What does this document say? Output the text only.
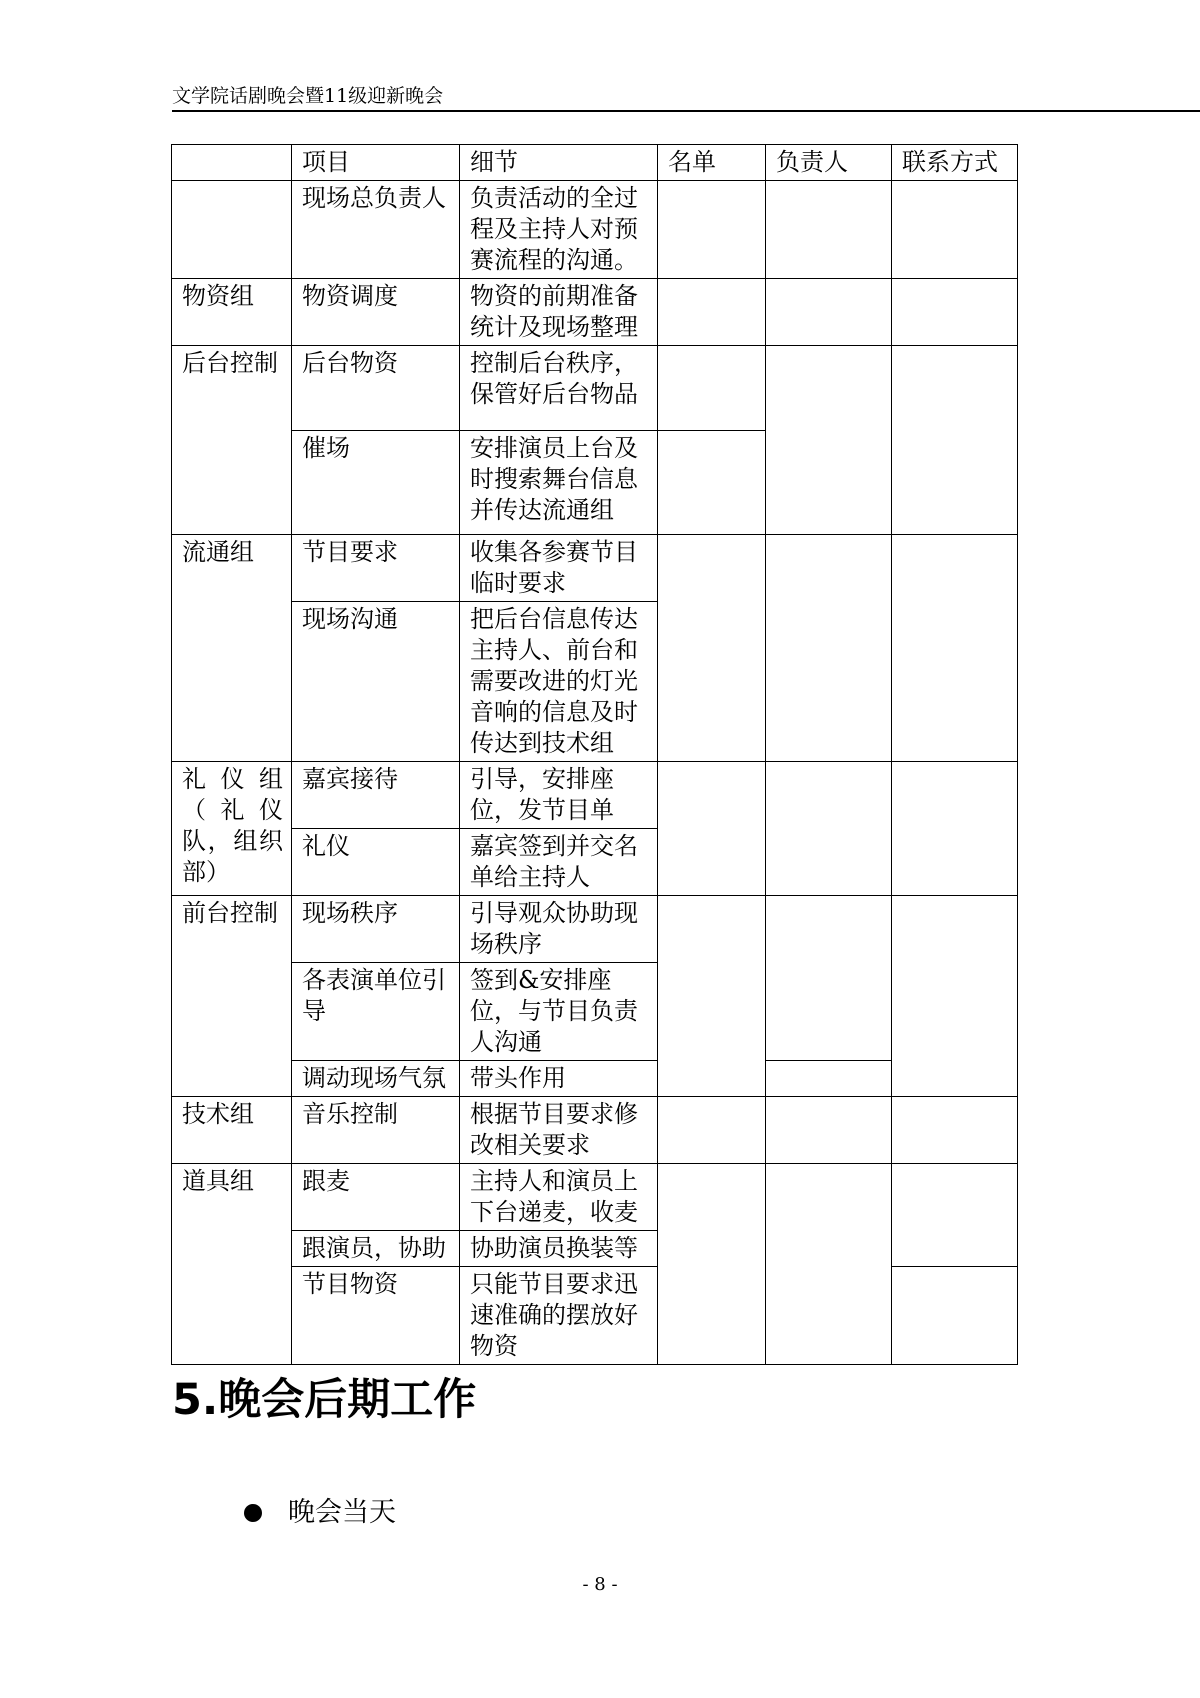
文学院话剧晚会暨11级迎新晚会
	项目	细节	名单	负责人	联系方式
	现场总负责人	负责活动的全过程及主持人对预赛流程的沟通。			
物资组	物资调度	物资的前期准备统计及现场整理			
后台控制	后台物资	控制后台秩序，保管好后台物品			
	催场	安排演员上台及时搜索舞台信息并传达流通组			
流通组	节目要求	收集各参赛节目临时要求			
	现场沟通	把后台信息传达主持人、前台和需要改进的灯光音响的信息及时传达到技术组			
礼仪组（礼仪队，组织部）	嘉宾接待	引导，安排座位，发节目单			
	礼仪	嘉宾签到并交名单给主持人			
前台控制	现场秩序	引导观众协助现场秩序			
	各表演单位引导	签到&安排座位，与节目负责人沟通			
	调动现场气氛	带头作用			
技术组	音乐控制	根据节目要求修改相关要求			
道具组	跟麦	主持人和演员上下台递麦，收麦			
	跟演员，协助	协助演员换装等			
	节目物资	只能节目要求迅速准确的摆放好物资			
5.晚会后期工作
晚会当天
- 8 -
